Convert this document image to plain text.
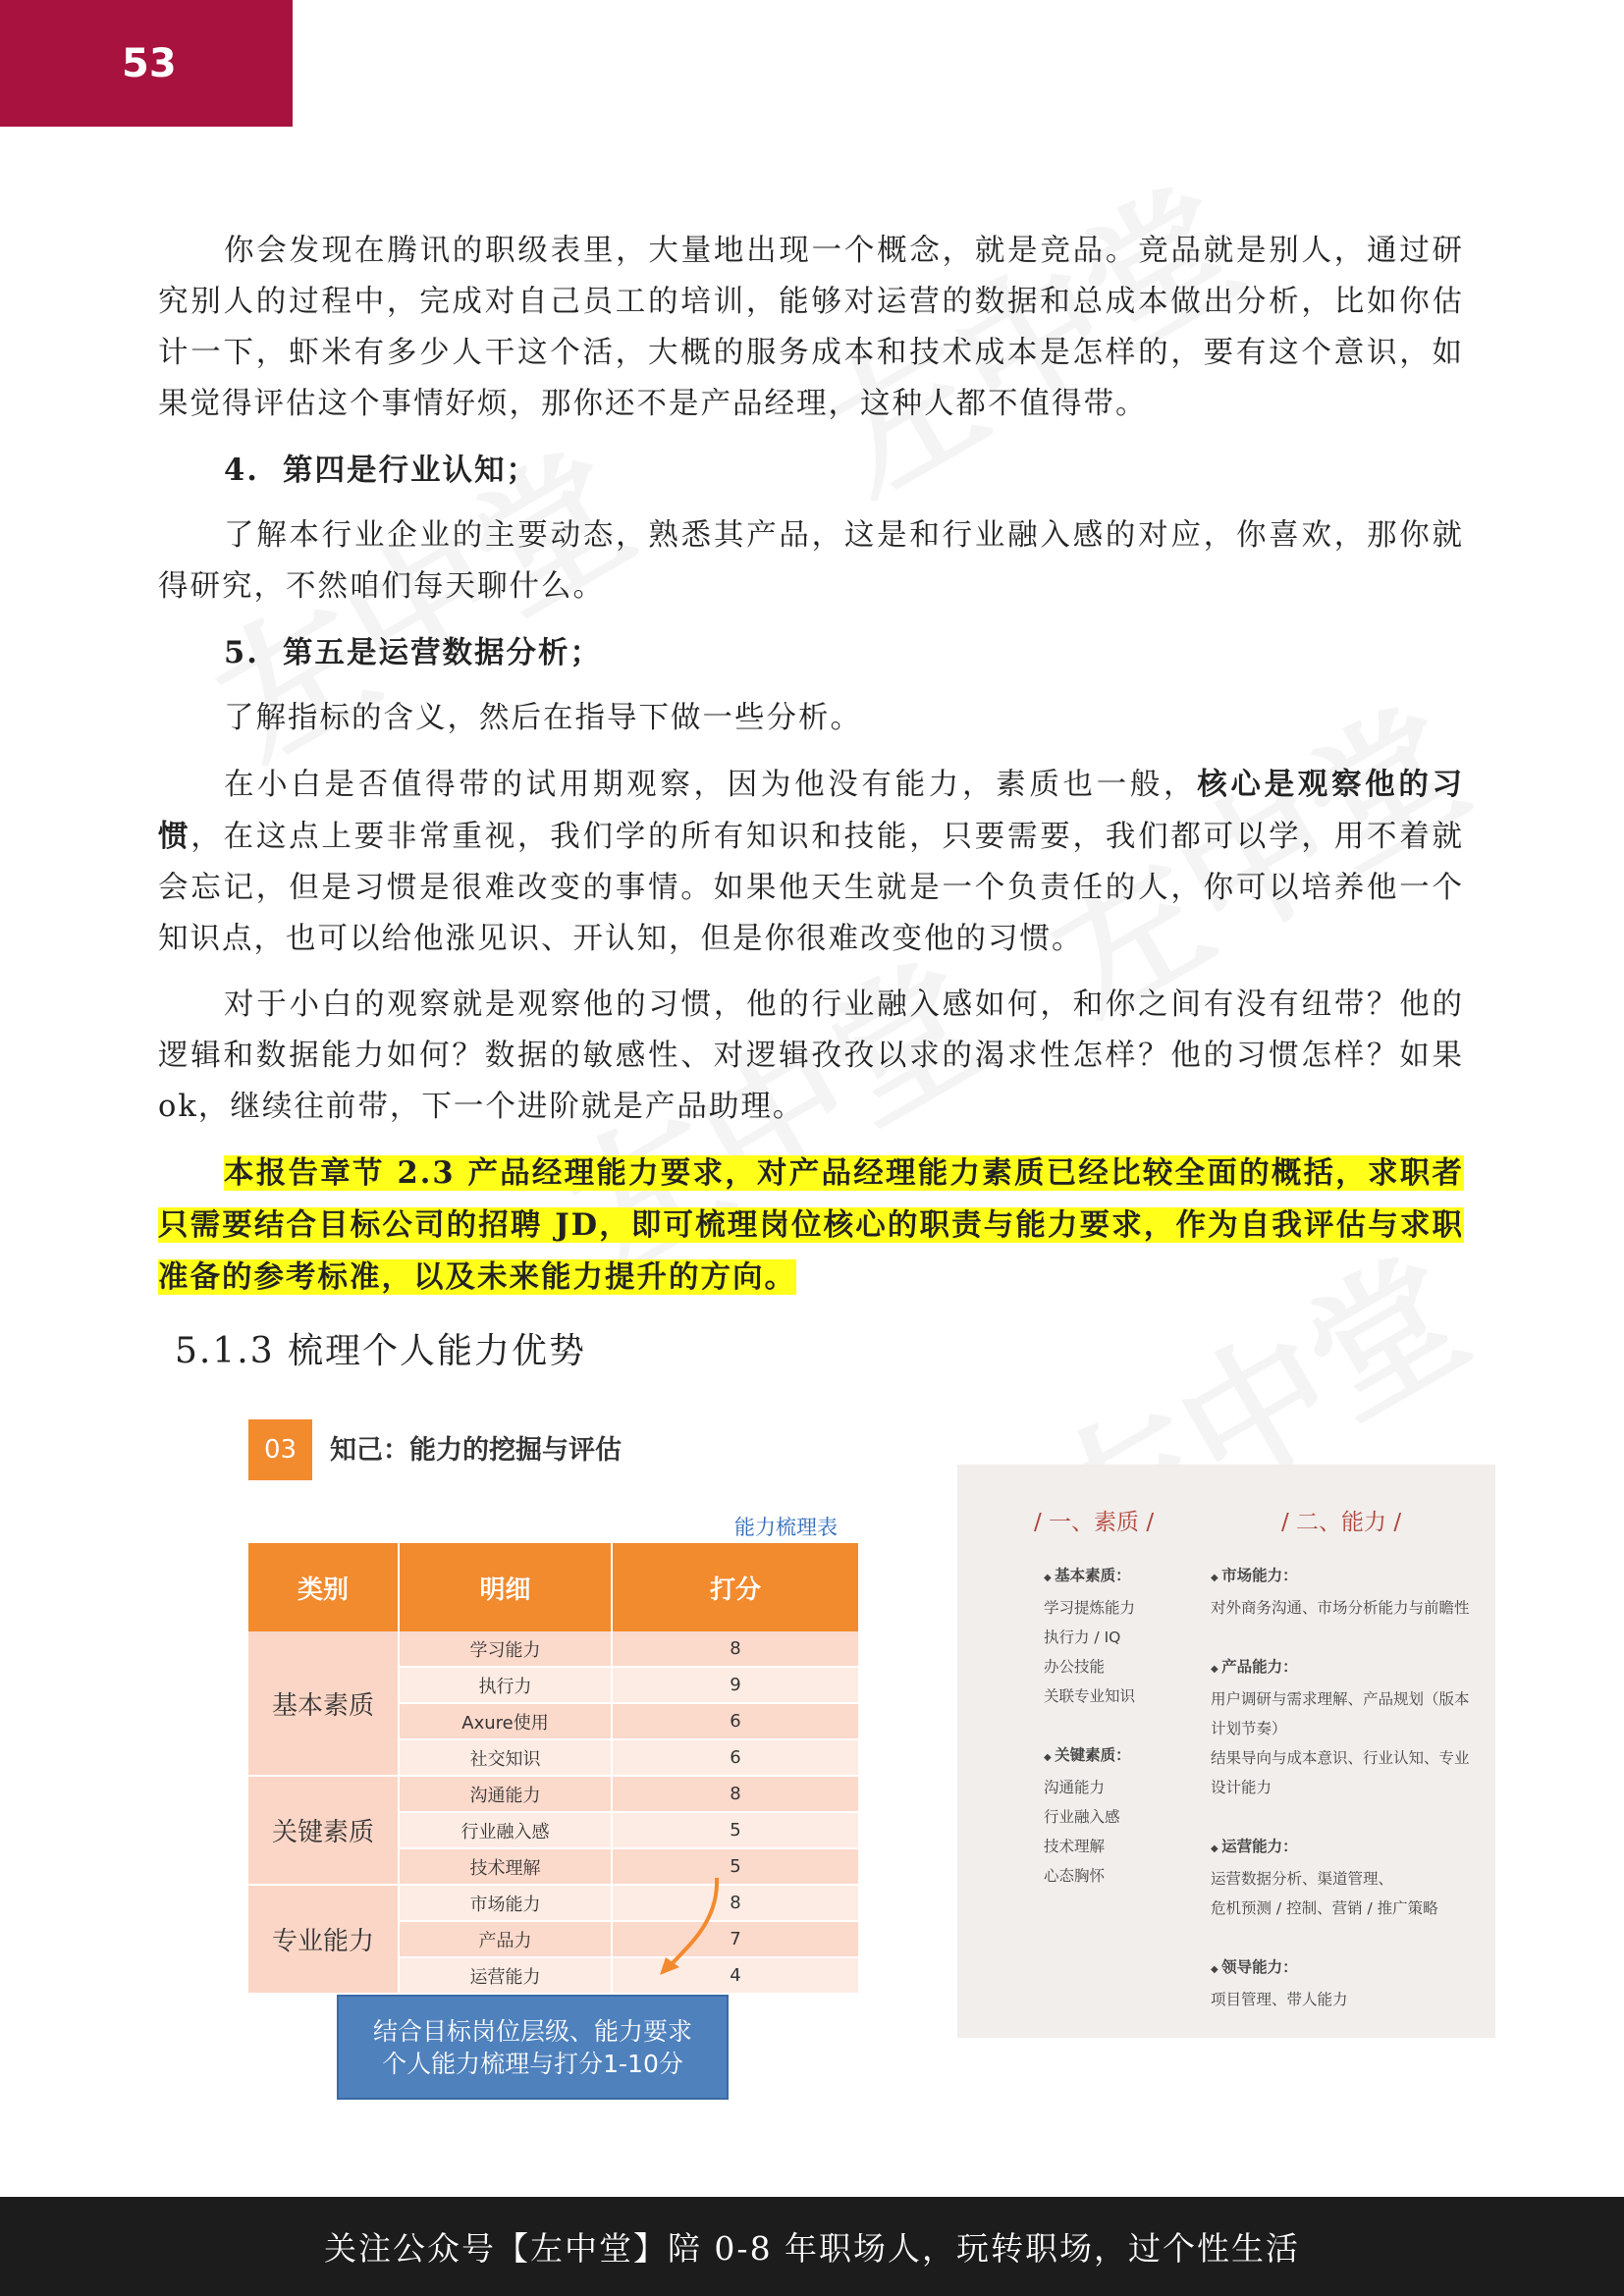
53

你会发现在腾讯的职级表里，大量地出现一个概念，就是竞品。竞品就是别人，通过研究别人的过程中，完成对自己员工的培训，能够对运营的数据和总成本做出分析，比如你估计一下，虾米有多少人干这个活，大概的服务成本和技术成本是怎样的，要有这个意识，如果觉得评估这个事情好烦，那你还不是产品经理，这种人都不值得带。

4. 第四是行业认知；

了解本行业企业的主要动态，熟悉其产品，这是和行业融入感的对应，你喜欢，那你就得研究，不然咱们每天聊什么。

5. 第五是运营数据分析；

了解指标的含义，然后在指导下做一些分析。

在小白是否值得带的试用期观察，因为他没有能力，素质也一般，核心是观察他的习惯，在这点上要非常重视，我们学的所有知识和技能，只要需要，我们都可以学，用不着就会忘记，但是习惯是很难改变的事情。如果他天生就是一个负责任的人，你可以培养他一个知识点，也可以给他涨见识、开认知，但是你很难改变他的习惯。

对于小白的观察就是观察他的习惯，他的行业融入感如何，和你之间有没有纽带？他的逻辑和数据能力如何？数据的敏感性、对逻辑孜孜以求的渴求性怎样？他的习惯怎样？如果ok，继续往前带，下一个进阶就是产品助理。

本报告章节 2.3 产品经理能力要求，对产品经理能力素质已经比较全面的概括，求职者只需要结合目标公司的招聘 JD，即可梳理岗位核心的职责与能力要求，作为自我评估与求职准备的参考标准，以及未来能力提升的方向。

5.1.3 梳理个人能力优势
03	知己：能力的挖掘与评估
能力梳理表
类别	明细	打分
基本素质	学习能力	8
	执行力	9
	Axure使用	6
	社交知识	6
关键素质	沟通能力	8
	行业融入感	5
	技术理解	5
专业能力	市场能力	8
	产品力	7
	运营能力	4
结合目标岗位层级、能力要求
个人能力梳理与打分1-10分
/ 一、素质 /	/ 二、能力 /
◆ 基本素质：
学习提炼能力
执行力 / IQ
办公技能
关联专业知识
◆ 关键素质：
沟通能力
行业融入感
技术理解
心态胸怀
◆ 市场能力：
对外商务沟通、市场分析能力与前瞻性
◆ 产品能力：
用户调研与需求理解、产品规划（版本
计划节奏）
结果导向与成本意识、行业认知、专业
设计能力
◆ 运营能力：
运营数据分析、渠道管理、
危机预测 / 控制、营销 / 推广策略
◆ 领导能力：
项目管理、带人能力
关注公众号【左中堂】陪 0-8 年职场人，玩转职场，过个性生活
